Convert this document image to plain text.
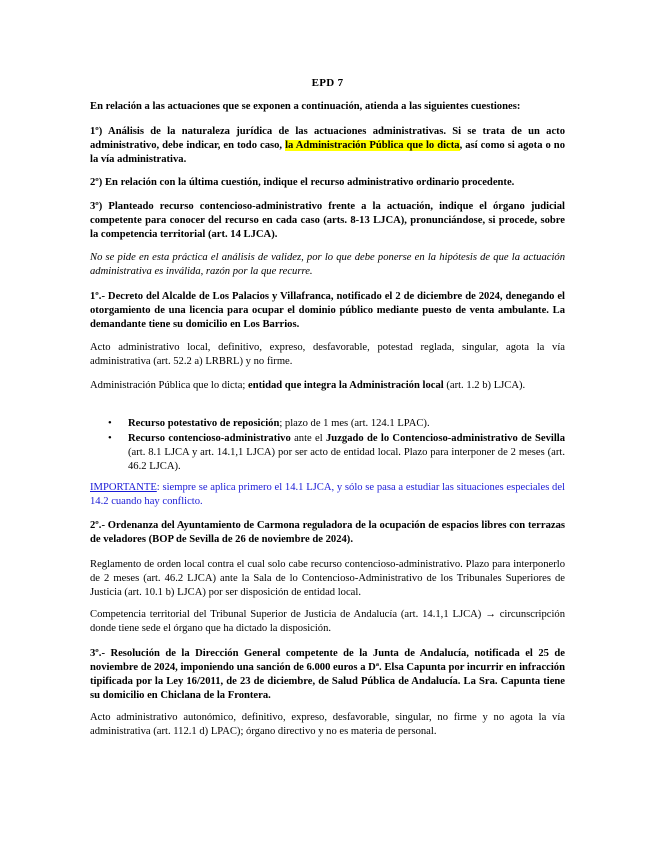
EPD 7

En relación a las actuaciones que se exponen a continuación, atienda a las siguientes cuestiones:

1º) Análisis de la naturaleza jurídica de las actuaciones administrativas. Si se trata de un acto administrativo, debe indicar, en todo caso, la Administración Pública que lo dicta, así como si agota o no la vía administrativa.

2º) En relación con la última cuestión, indique el recurso administrativo ordinario procedente.

3º) Planteado recurso contencioso-administrativo frente a la actuación, indique el órgano judicial competente para conocer del recurso en cada caso (arts. 8-13 LJCA), pronunciándose, si procede, sobre la competencia territorial (art. 14 LJCA).

No se pide en esta práctica el análisis de validez, por lo que debe ponerse en la hipótesis de que la actuación administrativa es inválida, razón por la que recurre.

1º.- Decreto del Alcalde de Los Palacios y Villafranca, notificado el 2 de diciembre de 2024, denegando el otorgamiento de una licencia para ocupar el dominio público mediante puesto de venta ambulante. La demandante tiene su domicilio en Los Barrios.

Acto administrativo local, definitivo, expreso, desfavorable, potestad reglada, singular, agota la vía administrativa (art. 52.2 a) LRBRL) y no firme.

Administración Pública que lo dicta; entidad que integra la Administración local (art. 1.2 b) LJCA).

• Recurso potestativo de reposición; plazo de 1 mes (art. 124.1 LPAC).
• Recurso contencioso-administrativo ante el Juzgado de lo Contencioso-administrativo de Sevilla (art. 8.1 LJCA y art. 14.1,1 LJCA) por ser acto de entidad local. Plazo para interponer de 2 meses (art. 46.2 LJCA).

IMPORTANTE: siempre se aplica primero el 14.1 LJCA, y sólo se pasa a estudiar las situaciones especiales del 14.2 cuando hay conflicto.

2º.- Ordenanza del Ayuntamiento de Carmona reguladora de la ocupación de espacios libres con terrazas de veladores (BOP de Sevilla de 26 de noviembre de 2024).

Reglamento de orden local contra el cual solo cabe recurso contencioso-administrativo. Plazo para interponerlo de 2 meses (art. 46.2 LJCA) ante la Sala de lo Contencioso-Administrativo de los Tribunales Superiores de Justicia (art. 10.1 b) LJCA) por ser disposición de entidad local.

Competencia territorial del Tribunal Superior de Justicia de Andalucía (art. 14.1,1 LJCA) → circunscripción donde tiene sede el órgano que ha dictado la disposición.

3º.- Resolución de la Dirección General competente de la Junta de Andalucía, notificada el 25 de noviembre de 2024, imponiendo una sanción de 6.000 euros a Dª. Elsa Capunta por incurrir en infracción tipificada por la Ley 16/2011, de 23 de diciembre, de Salud Pública de Andalucía. La Sra. Capunta tiene su domicilio en Chiclana de la Frontera.

Acto administrativo autonómico, definitivo, expreso, desfavorable, singular, no firme y no agota la vía administrativa (art. 112.1 d) LPAC); órgano directivo y no es materia de personal.
